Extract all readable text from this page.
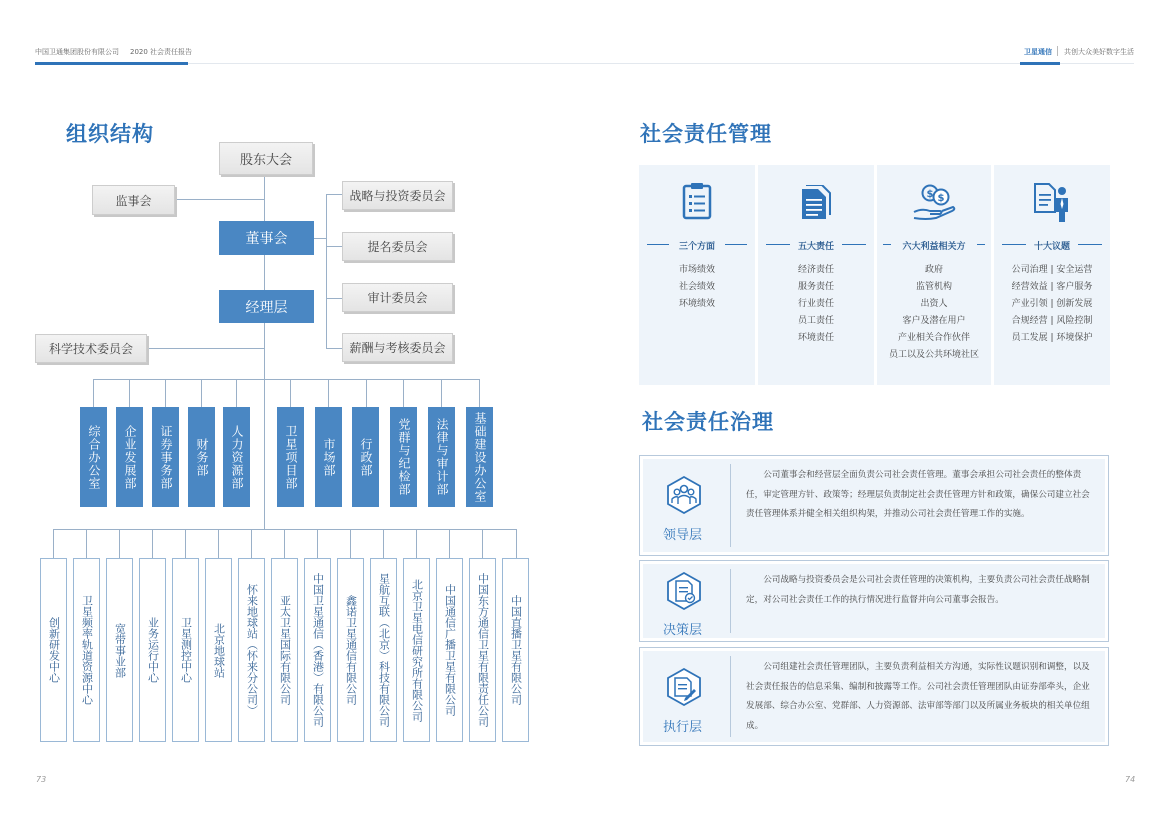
中国卫通集团股份有限公司 2020 社会责任报告	卫星通信 共创大众美好数字生活
组织结构
股东大会
监事会
董事会
经理层
科学技术委员会
战略与投资委员会
提名委员会
审计委员会
薪酬与考核委员会
综合办公室	企业发展部	证券事务部	财务部	人力资源部	卫星项目部	市场部	行政部	党群与纪检部	法律与审计部	基础建设办公室
创新研发中心	卫星频率轨道资源中心	宽带事业部	业务运行中心	卫星测控中心	北京地球站	怀来地球站（怀来分公司）	亚太卫星国际有限公司	中国卫星通信（香港）有限公司	鑫诺卫星通信有限公司	星航互联（北京）科技有限公司	北京卫星电信研究所有限公司	中国通信广播卫星有限公司	中国东方通信卫星有限责任公司	中国直播卫星有限公司
73
社会责任管理
三个方面
市场绩效
社会绩效
环境绩效
五大责任
经济责任
服务责任
行业责任
员工责任
环境责任
$ $
六大利益相关方
政府
监管机构
出资人
客户及潜在用户
产业相关合作伙伴
员工以及公共环境社区
十大议题
公司治理 | 安全运营
经营效益 | 客户服务
产业引领 | 创新发展
合规经营 | 风险控制
员工发展 | 环境保护
社会责任治理
领导层
公司董事会和经营层全面负责公司社会责任管理。董事会承担公司社会责任的整体责任，审定管理方针、政策等；经理层负责制定社会责任管理方针和政策，确保公司建立社会责任管理体系并健全相关组织构架，并推动公司社会责任管理工作的实施。
决策层
公司战略与投资委员会是公司社会责任管理的决策机构，主要负责公司社会责任战略制定，对公司社会责任工作的执行情况进行监督并向公司董事会报告。
执行层
公司组建社会责任管理团队，主要负责利益相关方沟通，实际性议题识别和调整，以及社会责任报告的信息采集、编制和披露等工作。公司社会责任管理团队由证券部牵头，企业发展部、综合办公室、党群部、人力资源部、法审部等部门以及所属业务板块的相关单位组成。
74
